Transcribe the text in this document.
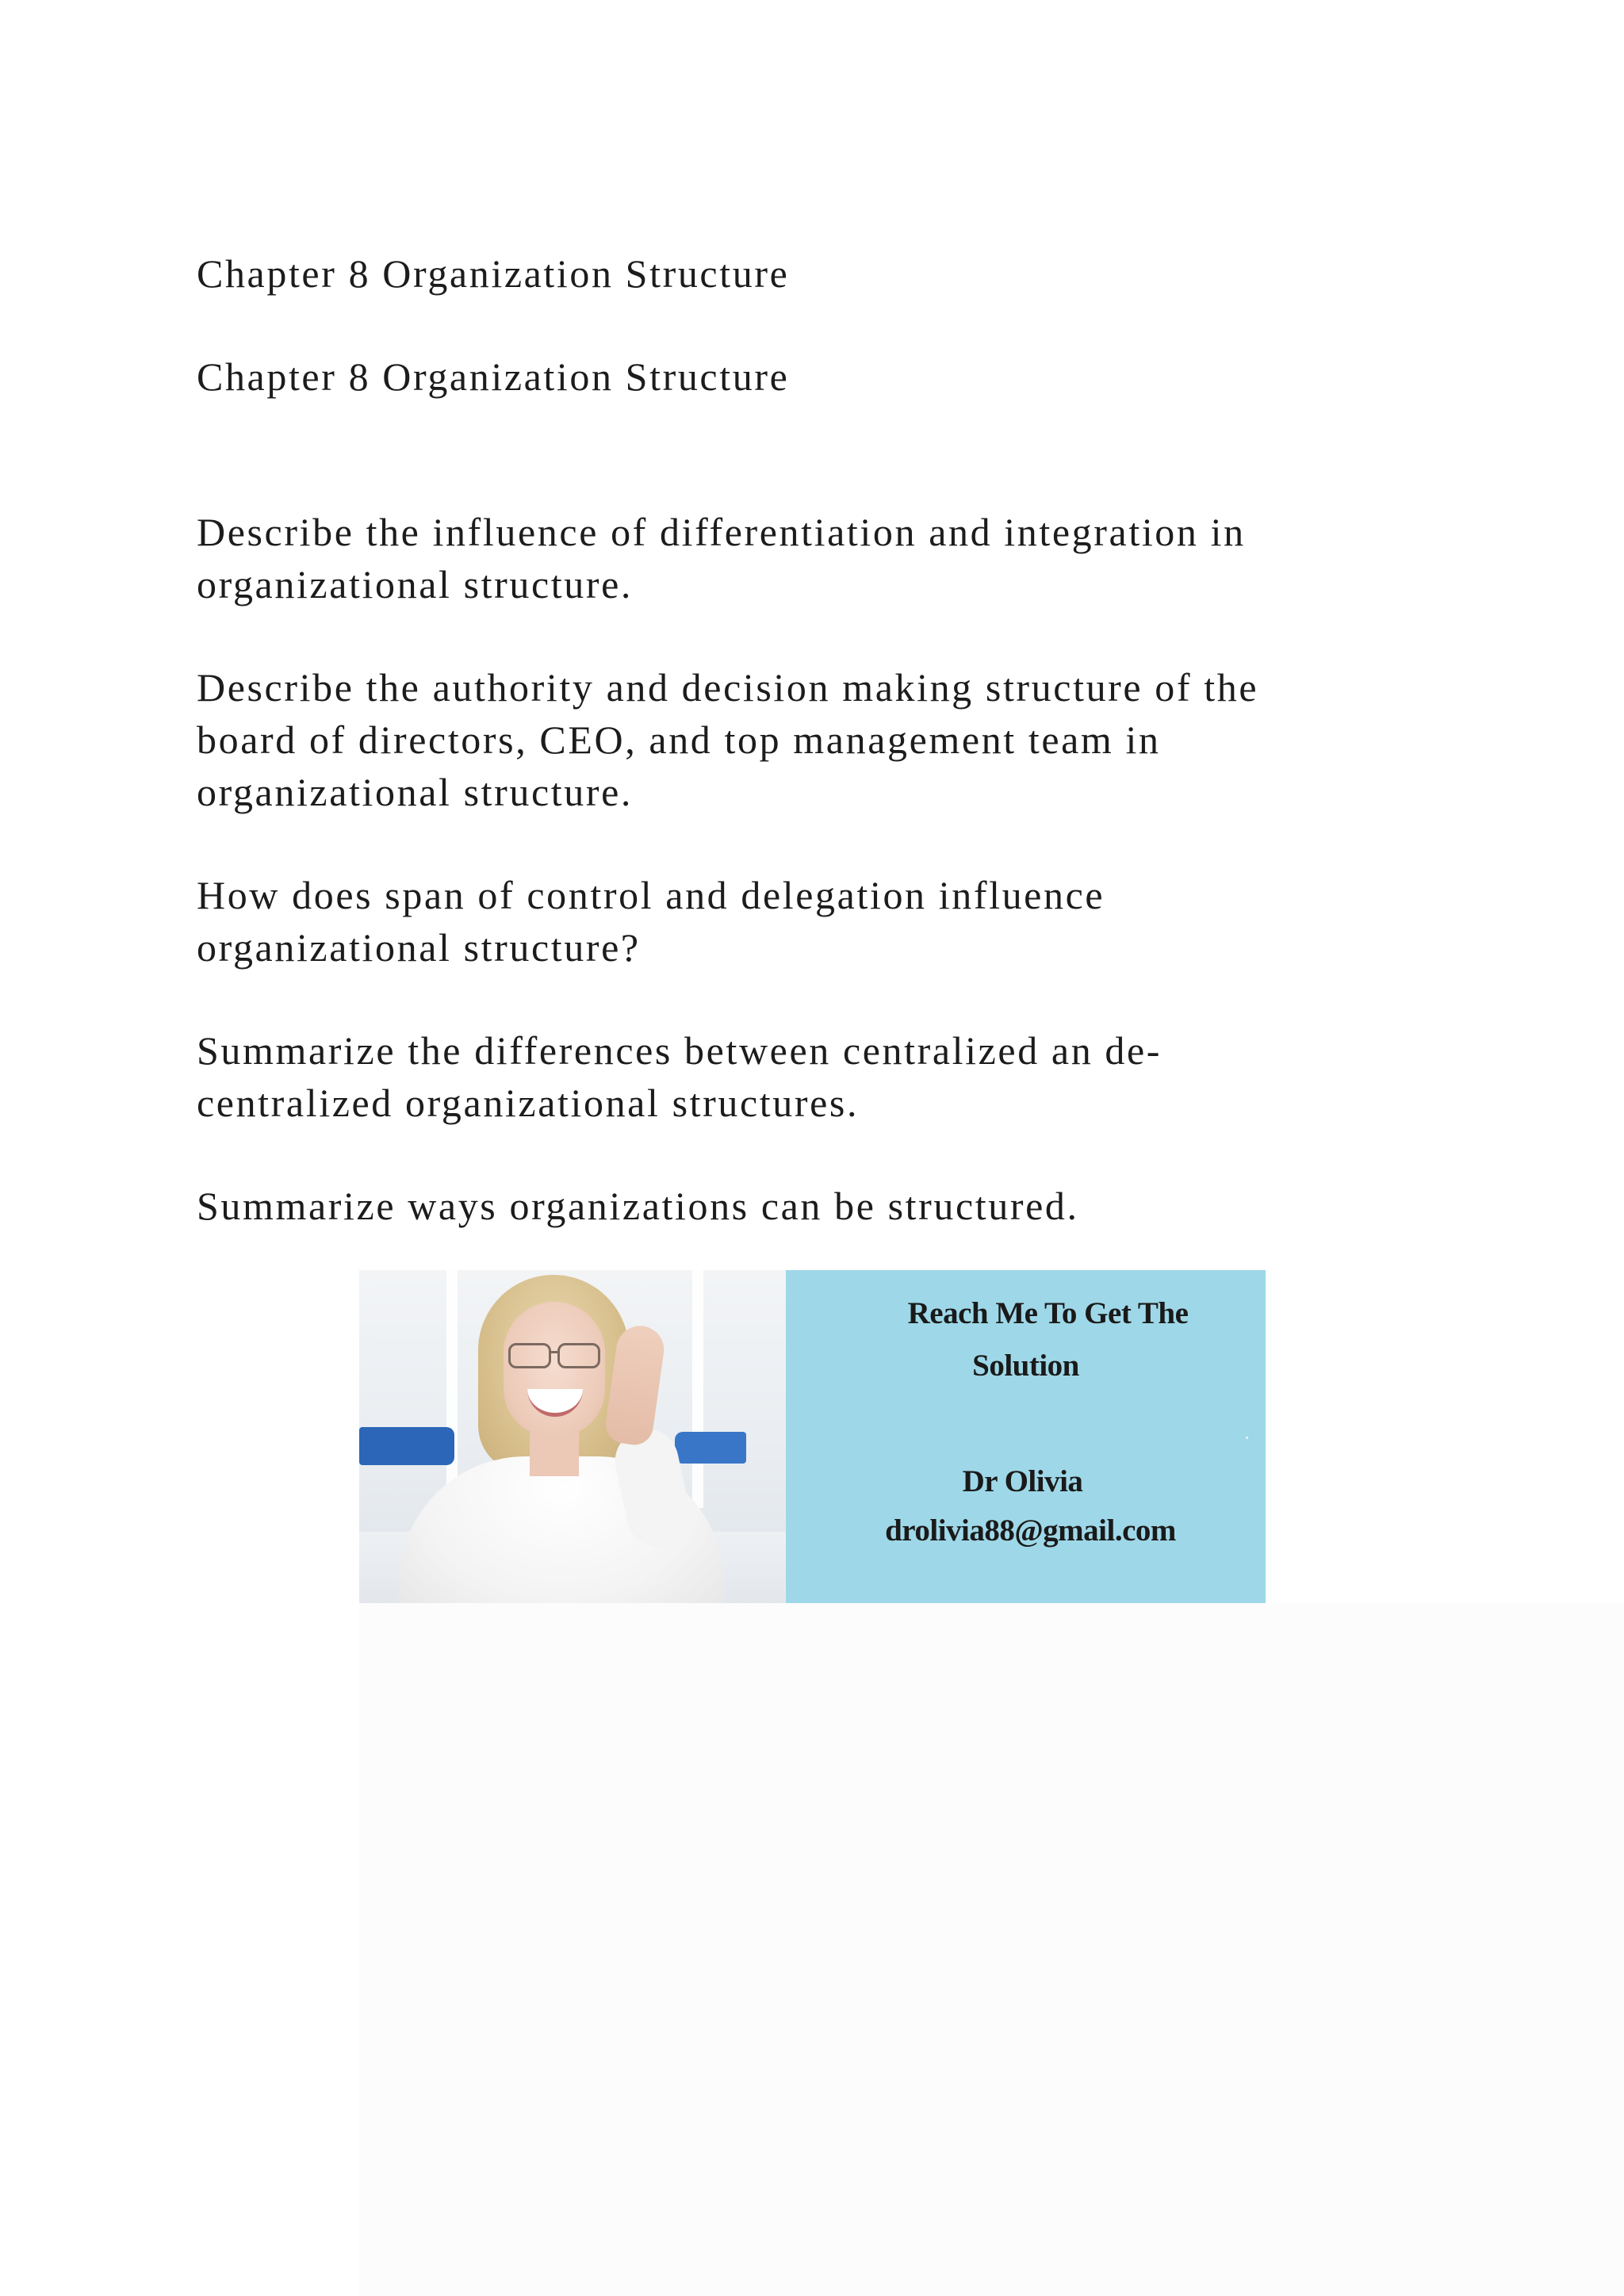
Chapter 8 Organization Structure

Chapter 8 Organization Structure

Describe the influence of differentiation and integration in

organizational structure.

Describe the authority and decision making structure of the

board of directors, CEO, and top management team in

organizational structure.

How does span of control and delegation influence

organizational structure?

Summarize the differences between centralized an de-

centralized organizational structures.

Summarize ways organizations can be structured.

Reach Me To Get The
Solution
Dr Olivia
drolivia88@gmail.com
